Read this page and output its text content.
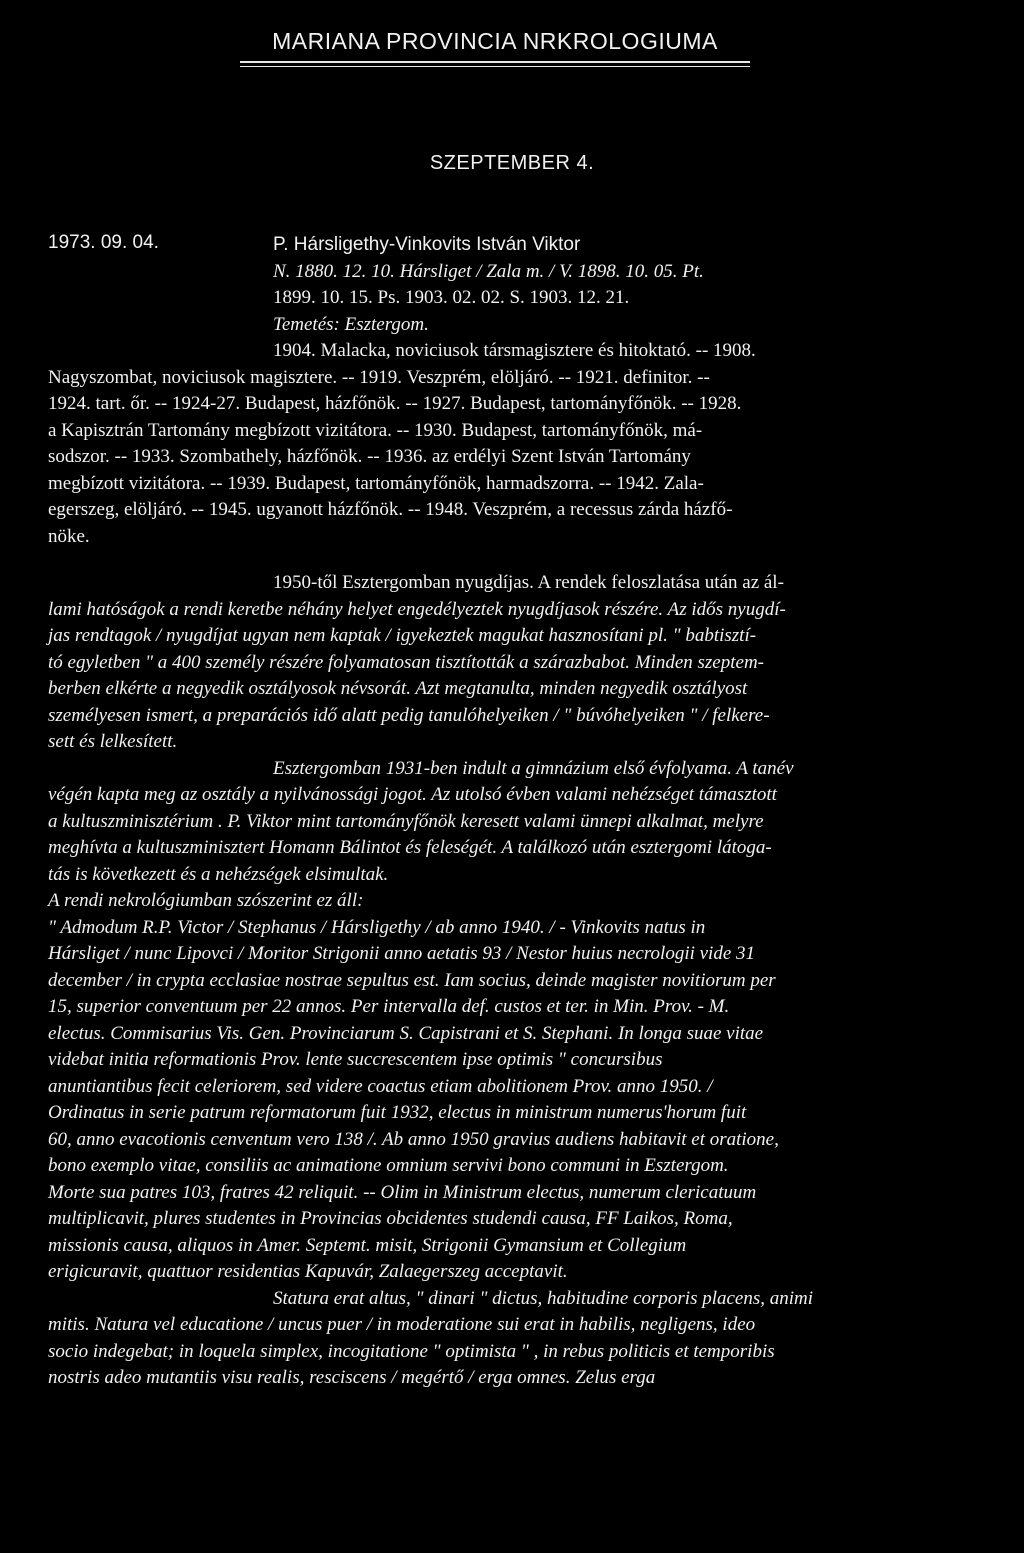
MARIANA PROVINCIA NRKROLOGIUMA
SZEPTEMBER 4.
1973. 09. 04.	P. Hársligethy-Vinkovits István Viktor
N. 1880. 12. 10. Hársliget / Zala m. / V. 1898. 10. 05. Pt.
1899. 10. 15. Ps. 1903. 02. 02. S. 1903. 12. 21.
Temetés: Esztergom.
1904. Malacka, noviciusok társmagisztere és hitoktató. -- 1908.
Nagyszombat, noviciusok magisztere. -- 1919. Veszprém, elöljáró. -- 1921. definitor. --
1924. tart. őr. -- 1924-27. Budapest, házfőnök. -- 1927. Budapest, tartományfőnök. -- 1928.
a Kapisztrán Tartomány megbízott vizitátora. -- 1930. Budapest, tartományfőnök, má-
sodszor. -- 1933. Szombathely, házfőnök. -- 1936. az erdélyi Szent István Tartomány
megbízott vizitátora. -- 1939. Budapest, tartományfőnök, harmadszorra. -- 1942. Zala-
egerszeg, elöljáró. -- 1945. ugyanott házfőnök. -- 1948. Veszprém, a recessus zárda házfő-
nöke.
1950-től Esztergomban nyugdíjas. A rendek feloszlatása után az ál-
lami hatóságok a rendi keretbe néhány helyet engedélyeztek nyugdíjasok részére. Az idős nyugdí-
jas rendtagok / nyugdíjat ugyan nem kaptak / igyekeztek magukat hasznosítani pl. " babtisztí-
tó egyletben " a 400 személy részére folyamatosan tisztították a szárazbabot. Minden szeptem-
berben elkérte a negyedik osztályosok névsorát. Azt megtanulta, minden negyedik osztályost
személyesen ismert, a preparációs idő alatt pedig tanulóhelyeiken / " búvóhelyeiken " / felkere-
sett és lelkesített.
Esztergomban 1931-ben indult a gimnázium első évfolyama. A tanév
végén kapta meg az osztály a nyilvánossági jogot. Az utolsó évben valami nehézséget támasztott
a kultuszminisztérium . P. Viktor mint tartományfőnök keresett valami ünnepi alkalmat, melyre
meghívta a kultuszminisztert Homann Bálintot és feleségét. A találkozó után esztergomi látoga-
tás is következett és a nehézségek elsimultak.
A rendi nekrológiumban szószerint ez áll:
" Admodum R.P. Victor / Stephanus / Hársligethy / ab anno 1940. / - Vinkovits natus in
Hársliget / nunc Lipovci / Moritor Strigonii anno aetatis 93 / Nestor huius necrologii vide 31
december / in crypta ecclasiae nostrae sepultus est. Iam socius, deinde magister novitiorum per
15, superior conventuum per 22 annos. Per intervalla def. custos et ter. in Min. Prov. - M.
electus. Commisarius Vis. Gen. Provinciarum S. Capistrani et S. Stephani. In longa suae vitae
videbat initia reformationis Prov. lente succrescentem ipse optimis " concursibus
anuntiantibus fecit celeriorem, sed videre coactus etiam abolitionem Prov. anno 1950. /
Ordinatus in serie patrum reformatorum fuit 1932, electus in ministrum numerus'horum fuit
60, anno evacotionis cenventum vero 138 /. Ab anno 1950 gravius audiens habitavit et oratione,
bono exemplo vitae, consiliis ac animatione omnium servivi bono communi in Esztergom.
Morte sua patres 103, fratres 42 reliquit. -- Olim in Ministrum electus, numerum clericatuum
multiplicavit, plures studentes in Provincias obcidentes studendi causa, FF Laikos, Roma,
missionis causa, aliquos in Amer. Septemt. misit, Strigonii Gymansium et Collegium
erigicuravit, quattuor residentias Kapuvár, Zalaegerszeg acceptavit.
Statura erat altus, " dinari " dictus, habitudine corporis placens, animi
mitis. Natura vel educatione / uncus puer / in moderatione sui erat in habilis, negligens, ideo
socio indegebat; in loquela simplex, incogitatione " optimista " , in rebus politicis et temporibis
nostris adeo mutantiis visu realis, resciscens / megértő / erga omnes. Zelus erga
